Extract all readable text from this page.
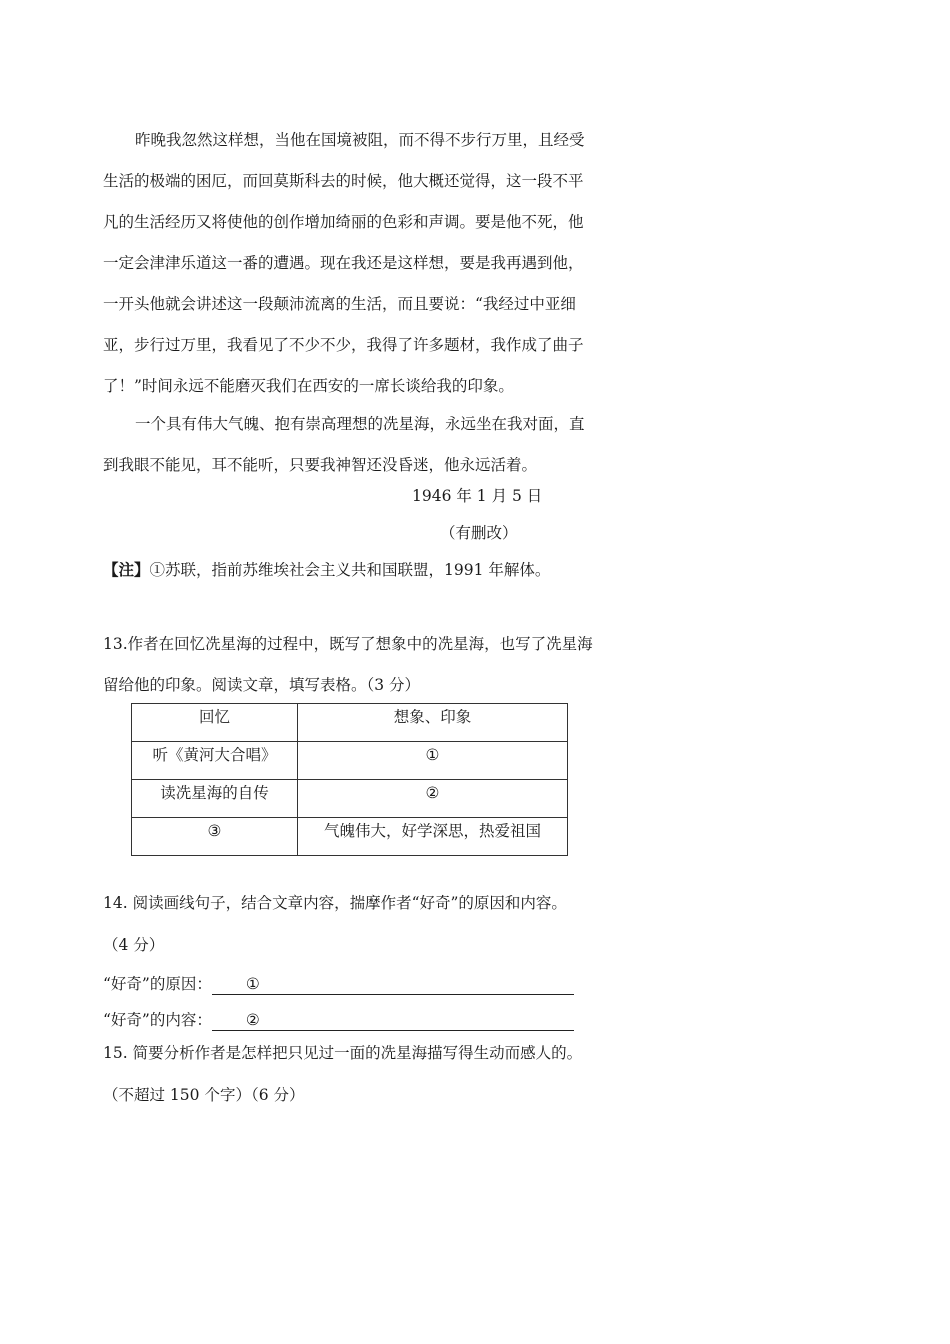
昨晚我忽然这样想，当他在国境被阻，而不得不步行万里，且经受
生活的极端的困厄，而回莫斯科去的时候，他大概还觉得，这一段不平
凡的生活经历又将使他的创作增加绮丽的色彩和声调。要是他不死，他
一定会津津乐道这一番的遭遇。现在我还是这样想，要是我再遇到他，
一开头他就会讲述这一段颠沛流离的生活，而且要说：“我经过中亚细
亚，步行过万里，我看见了不少不少，我得了许多题材，我作成了曲子
了！”时间永远不能磨灭我们在西安的一席长谈给我的印象。

一个具有伟大气魄、抱有崇高理想的冼星海，永远坐在我对面，直
到我眼不能见，耳不能听，只要我神智还没昏迷，他永远活着。

1946 年 1 月 5 日
（有删改）
【注】①苏联，指前苏维埃社会主义共和国联盟，1991 年解体。
13.作者在回忆冼星海的过程中，既写了想象中的冼星海，也写了冼星海
留给他的印象。阅读文章，填写表格。（3 分）
回忆	想象、印象
听《黄河大合唱》	①
读冼星海的自传	②
③	气魄伟大，好学深思，热爱祖国
14. 阅读画线句子，结合文章内容，揣摩作者“好奇”的原因和内容。
（4 分）
“好奇”的原因： ①
“好奇”的内容： ②
15. 简要分析作者是怎样把只见过一面的冼星海描写得生动而感人的。
（不超过 150 个字）（6 分）
